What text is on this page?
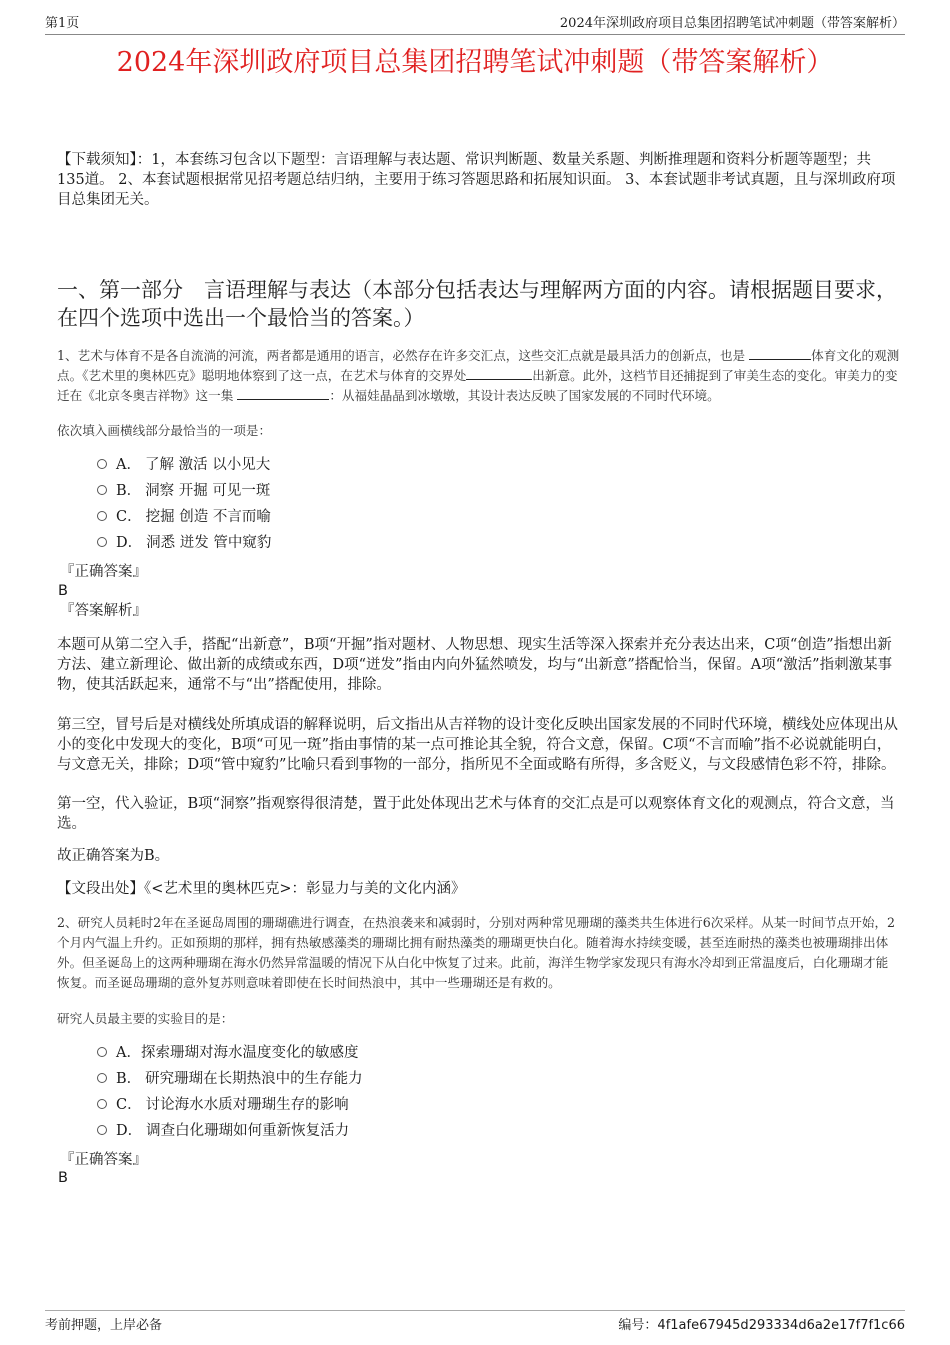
第1页	2024年深圳政府项目总集团招聘笔试冲刺题（带答案解析）
2024年深圳政府项目总集团招聘笔试冲刺题（带答案解析）
【下载须知】：1，本套练习包含以下题型：言语理解与表达题、常识判断题、数量关系题、判断推理题和资料分析题等题型；共135道。 2、本套试题根据常见招考题总结归纳，主要用于练习答题思路和拓展知识面。 3、本套试题非考试真题，且与深圳政府项目总集团无关。
一、第一部分　言语理解与表达（本部分包括表达与理解两方面的内容。请根据题目要求，在四个选项中选出一个最恰当的答案。）
1、艺术与体育不是各自流淌的河流，两者都是通用的语言，必然存在许多交汇点，这些交汇点就是最具活力的创新点，也是	体育文化的观测点。《艺术里的奥林匹克》聪明地体察到了这一点，在艺术与体育的交界处	出新意。此外，这档节目还捕捉到了审美生态的变化。审美力的变迁在《北京冬奥吉祥物》这一集	：从福娃晶晶到冰墩墩，其设计表达反映了国家发展的不同时代环境。
依次填入画横线部分最恰当的一项是：
A． 了解 激活 以小见大
B． 洞察 开掘 可见一斑
C． 挖掘 创造 不言而喻
D． 洞悉 迸发 管中窥豹
『正确答案』
B
『答案解析』
本题可从第二空入手，搭配“出新意”，B项“开掘”指对题材、人物思想、现实生活等深入探索并充分表达出来，C项“创造”指想出新方法、建立新理论、做出新的成绩或东西，D项“迸发”指由内向外猛然喷发，均与“出新意”搭配恰当，保留。A项“激活”指刺激某事物，使其活跃起来，通常不与“出”搭配使用，排除。
第三空，冒号后是对横线处所填成语的解释说明，后文指出从吉祥物的设计变化反映出国家发展的不同时代环境，横线处应体现出从小的变化中发现大的变化，B项“可见一斑”指由事情的某一点可推论其全貌，符合文意，保留。C项“不言而喻”指不必说就能明白，与文意无关，排除；D项“管中窥豹”比喻只看到事物的一部分，指所见不全面或略有所得，多含贬义，与文段感情色彩不符，排除。
第一空，代入验证，B项“洞察”指观察得很清楚，置于此处体现出艺术与体育的交汇点是可以观察体育文化的观测点，符合文意，当选。
故正确答案为B。
【文段出处】《<艺术里的奥林匹克>：彰显力与美的文化内涵》
2、研究人员耗时2年在圣诞岛周围的珊瑚礁进行调查，在热浪袭来和减弱时，分别对两种常见珊瑚的藻类共生体进行6次采样。从某一时间节点开始，2个月内气温上升约。正如预期的那样，拥有热敏感藻类的珊瑚比拥有耐热藻类的珊瑚更快白化。随着海水持续变暖，甚至连耐热的藻类也被珊瑚排出体外。但圣诞岛上的这两种珊瑚在海水仍然异常温暖的情况下从白化中恢复了过来。此前，海洋生物学家发现只有海水冷却到正常温度后，白化珊瑚才能恢复。而圣诞岛珊瑚的意外复苏则意味着即使在长时间热浪中，其中一些珊瑚还是有救的。
研究人员最主要的实验目的是：
A．探索珊瑚对海水温度变化的敏感度
B． 研究珊瑚在长期热浪中的生存能力
C． 讨论海水水质对珊瑚生存的影响
D． 调查白化珊瑚如何重新恢复活力
『正确答案』
B
考前押题，上岸必备	编号：4f1afe67945d293334d6a2e17f7f1c66
